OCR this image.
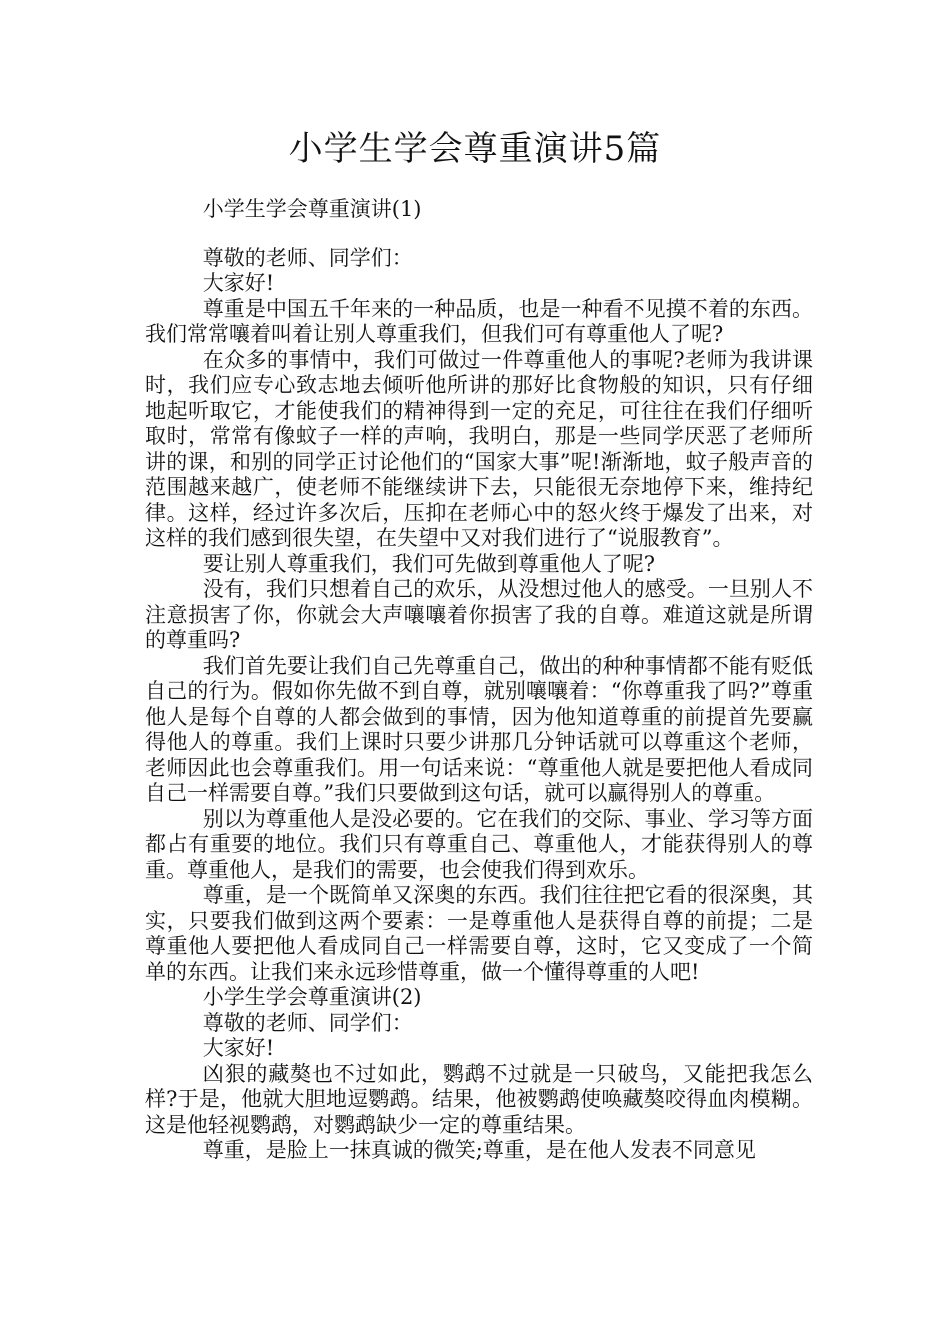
小学生学会尊重演讲5篇

小学生学会尊重演讲(1)

尊敬的老师、同学们：

大家好!

尊重是中国五千年来的一种品质，也是一种看不见摸不着的东西。我们常常嚷着叫着让别人尊重我们，但我们可有尊重他人了呢?

在众多的事情中，我们可做过一件尊重他人的事呢?老师为我讲课时，我们应专心致志地去倾听他所讲的那好比食物般的知识，只有仔细地起听取它，才能使我们的精神得到一定的充足，可往往在我们仔细听取时，常常有像蚊子一样的声响，我明白，那是一些同学厌恶了老师所讲的课，和别的同学正讨论他们的“国家大事”呢!渐渐地，蚊子般声音的范围越来越广，使老师不能继续讲下去，只能很无奈地停下来，维持纪律。这样，经过许多次后，压抑在老师心中的怒火终于爆发了出来，对这样的我们感到很失望，在失望中又对我们进行了“说服教育”。

要让别人尊重我们，我们可先做到尊重他人了呢?

没有，我们只想着自己的欢乐，从没想过他人的感受。一旦别人不注意损害了你，你就会大声嚷嚷着你损害了我的自尊。难道这就是所谓的尊重吗?

我们首先要让我们自己先尊重自己，做出的种种事情都不能有贬低自己的行为。假如你先做不到自尊，就别嚷嚷着：“你尊重我了吗?”尊重他人是每个自尊的人都会做到的事情，因为他知道尊重的前提首先要赢得他人的尊重。我们上课时只要少讲那几分钟话就可以尊重这个老师，老师因此也会尊重我们。用一句话来说：“尊重他人就是要把他人看成同自己一样需要自尊。”我们只要做到这句话，就可以赢得别人的尊重。

别以为尊重他人是没必要的。它在我们的交际、事业、学习等方面都占有重要的地位。我们只有尊重自己、尊重他人，才能获得别人的尊重。尊重他人，是我们的需要，也会使我们得到欢乐。

尊重，是一个既简单又深奥的东西。我们往往把它看的很深奥，其实，只要我们做到这两个要素：一是尊重他人是获得自尊的前提；二是尊重他人要把他人看成同自己一样需要自尊，这时，它又变成了一个简单的东西。让我们来永远珍惜尊重，做一个懂得尊重的人吧!

小学生学会尊重演讲(2)

尊敬的老师、同学们：

大家好!

凶狠的藏獒也不过如此，鹦鹉不过就是一只破鸟，又能把我怎么样?于是，他就大胆地逗鹦鹉。结果，他被鹦鹉使唤藏獒咬得血肉模糊。这是他轻视鹦鹉，对鹦鹉缺少一定的尊重结果。

尊重，是脸上一抹真诚的微笑;尊重，是在他人发表不同意见
